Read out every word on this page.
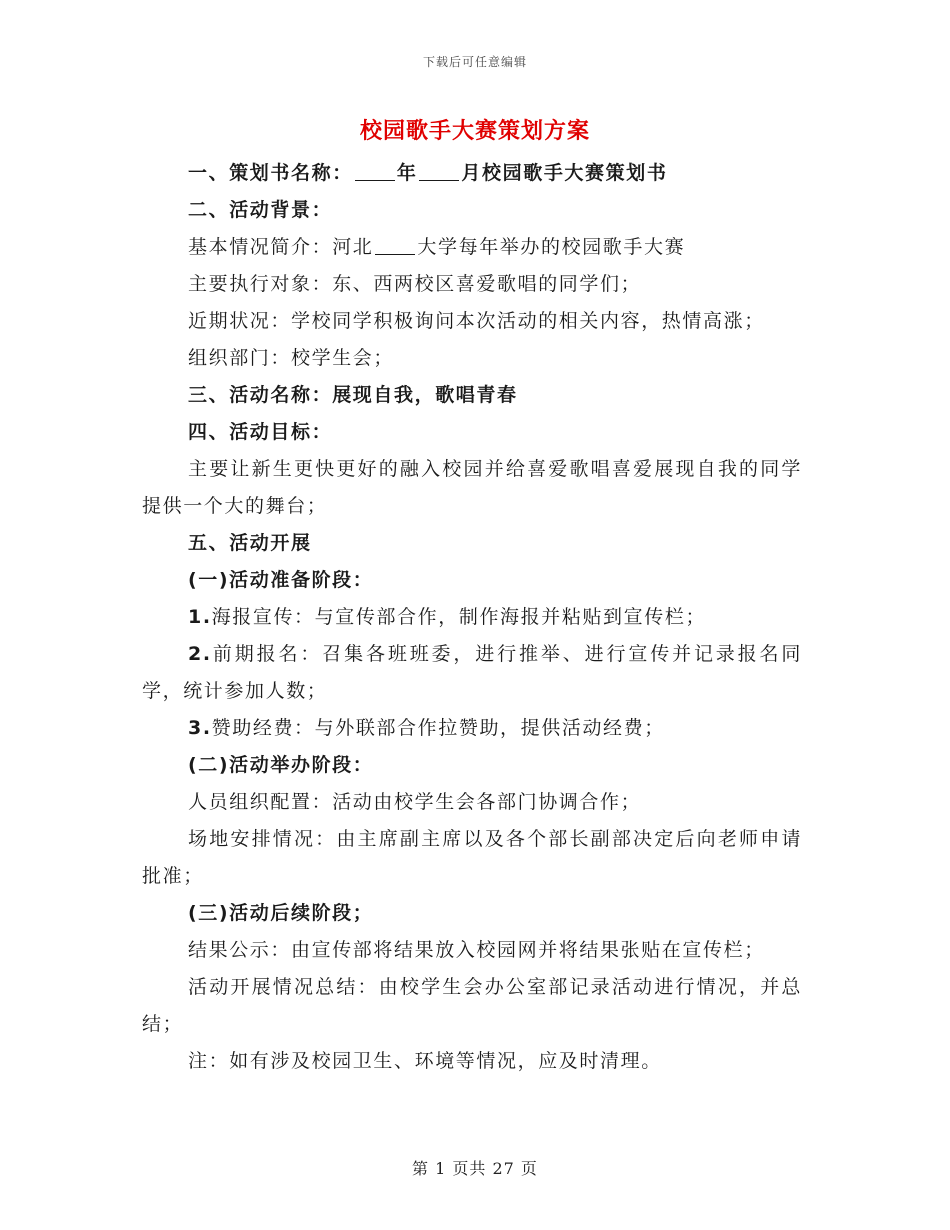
下载后可任意编辑
校园歌手大赛策划方案

一、策划书名称： 年 月校园歌手大赛策划书

二、活动背景：

基本情况简介：河北 大学每年举办的校园歌手大赛

主要执行对象：东、西两校区喜爱歌唱的同学们；

近期状况：学校同学积极询问本次活动的相关内容，热情高涨；

组织部门：校学生会；

三、活动名称：展现自我，歌唱青春

四、活动目标：

主要让新生更快更好的融入校园并给喜爱歌唱喜爱展现自我的同学提供一个大的舞台；

五、活动开展

(一)活动准备阶段：

1.海报宣传：与宣传部合作，制作海报并粘贴到宣传栏；

2.前期报名：召集各班班委，进行推举、进行宣传并记录报名同学，统计参加人数；

3.赞助经费：与外联部合作拉赞助，提供活动经费；

(二)活动举办阶段：

人员组织配置：活动由校学生会各部门协调合作；

场地安排情况：由主席副主席以及各个部长副部决定后向老师申请批准；

(三)活动后续阶段；

结果公示：由宣传部将结果放入校园网并将结果张贴在宣传栏；

活动开展情况总结：由校学生会办公室部记录活动进行情况，并总结；

注：如有涉及校园卫生、环境等情况，应及时清理。

第 1 页共 27 页
